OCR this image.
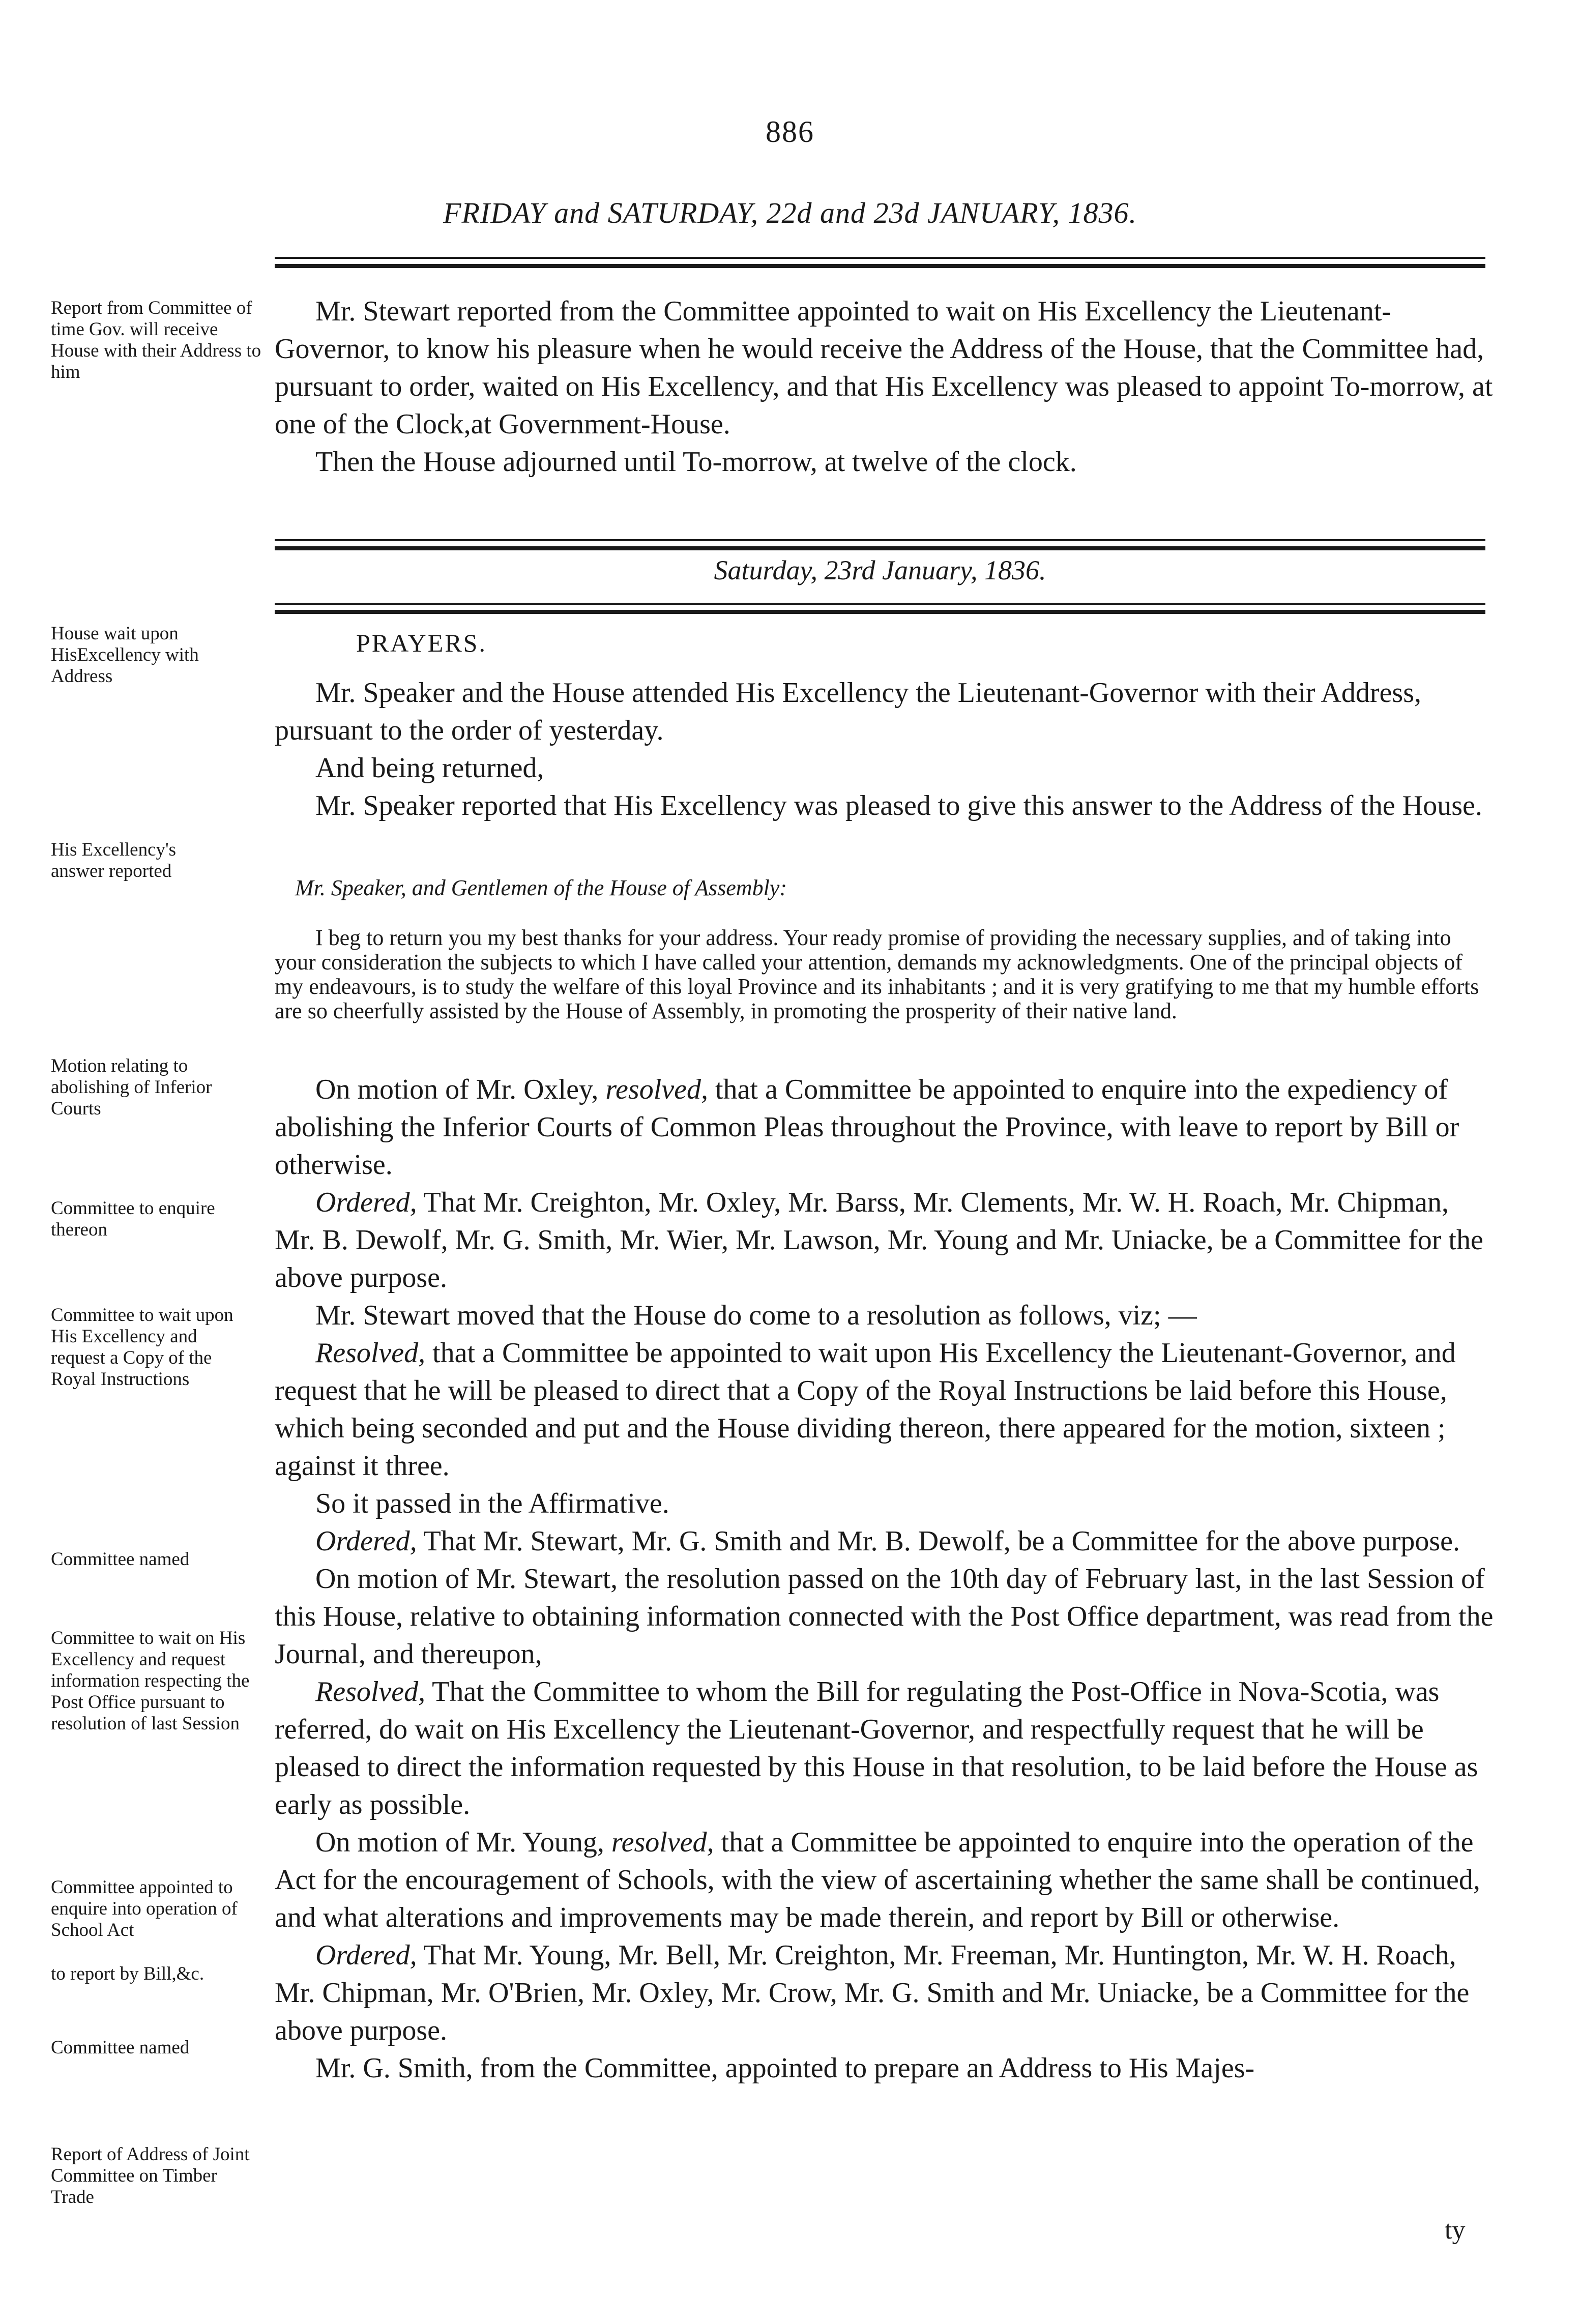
886
FRIDAY and SATURDAY, 22d and 23d JANUARY, 1836.
Report from Committee of time Gov. will receive House with their Address to him

Mr. Stewart reported from the Committee appointed to wait on His Excellency the Lieutenant-Governor, to know his pleasure when he would receive the Address of the House, that the Committee had, pursuant to order, waited on His Excellency, and that His Excellency was pleased to appoint To-morrow, at one of the Clock,at Government-House.

Then the House adjourned until To-morrow, at twelve of the clock.

Saturday, 23rd January, 1836.
PRAYERS.
House wait upon HisExcellency with Address
His Excellency's answer reported
Motion relating to abolishing of Inferior Courts
Committee to enquire thereon
Committee to wait upon His Excellency and request a Copy of the Royal Instructions
Committee named
Committee to wait on His Excellency and request information respecting the Post Office pursuant to resolution of last Session
Committee appointed to enquire into operation of School Act
to report by Bill,&c.
Committee named
Report of Address of Joint Committee on Timber Trade

Mr. Speaker and the House attended His Excellency the Lieutenant-Governor with their Address, pursuant to the order of yesterday.

And being returned,

Mr. Speaker reported that His Excellency was pleased to give this answer to the Address of the House.

Mr. Speaker, and Gentlemen of the House of Assembly:

I beg to return you my best thanks for your address. Your ready promise of providing the necessary supplies, and of taking into your consideration the subjects to which I have called your attention, demands my acknowledgments. One of the principal objects of my endeavours, is to study the welfare of this loyal Province and its inhabitants ; and it is very gratifying to me that my humble efforts are so cheerfully assisted by the House of Assembly, in promoting the prosperity of their native land.

On motion of Mr. Oxley, resolved, that a Committee be appointed to enquire into the expediency of abolishing the Inferior Courts of Common Pleas throughout the Province, with leave to report by Bill or otherwise.

Ordered, That Mr. Creighton, Mr. Oxley, Mr. Barss, Mr. Clements, Mr. W. H. Roach, Mr. Chipman, Mr. B. Dewolf, Mr. G. Smith, Mr. Wier, Mr. Lawson, Mr. Young and Mr. Uniacke, be a Committee for the above purpose.

Mr. Stewart moved that the House do come to a resolution as follows, viz; —

Resolved, that a Committee be appointed to wait upon His Excellency the Lieutenant-Governor, and request that he will be pleased to direct that a Copy of the Royal Instructions be laid before this House, which being seconded and put and the House dividing thereon, there appeared for the motion, sixteen ; against it three.

So it passed in the Affirmative.

Ordered, That Mr. Stewart, Mr. G. Smith and Mr. B. Dewolf, be a Committee for the above purpose.

On motion of Mr. Stewart, the resolution passed on the 10th day of February last, in the last Session of this House, relative to obtaining information connected with the Post Office department, was read from the Journal, and thereupon,

Resolved, That the Committee to whom the Bill for regulating the Post-Office in Nova-Scotia, was referred, do wait on His Excellency the Lieutenant-Governor, and respectfully request that he will be pleased to direct the information requested by this House in that resolution, to be laid before the House as early as possible.

On motion of Mr. Young, resolved, that a Committee be appointed to enquire into the operation of the Act for the encouragement of Schools, with the view of ascertaining whether the same shall be continued, and what alterations and improvements may be made therein, and report by Bill or otherwise.

Ordered, That Mr. Young, Mr. Bell, Mr. Creighton, Mr. Freeman, Mr. Huntington, Mr. W. H. Roach, Mr. Chipman, Mr. O'Brien, Mr. Oxley, Mr. Crow, Mr. G. Smith and Mr. Uniacke, be a Committee for the above purpose.

Mr. G. Smith, from the Committee, appointed to prepare an Address to His Majes-

ty
